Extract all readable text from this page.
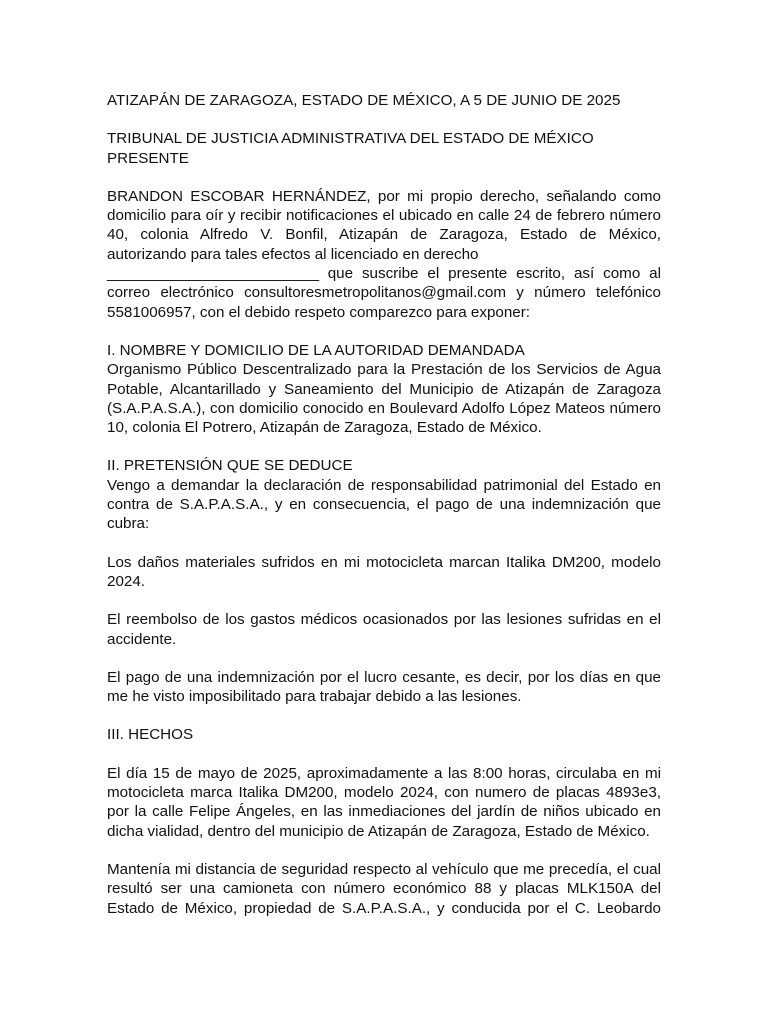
ATIZAPÁN DE ZARAGOZA, ESTADO DE MÉXICO, A 5 DE JUNIO DE 2025

TRIBUNAL DE JUSTICIA ADMINISTRATIVA DEL ESTADO DE MÉXICO

PRESENTE

BRANDON ESCOBAR HERNÁNDEZ, por mi propio derecho, señalando como domicilio para oír y recibir notificaciones el ubicado en calle 24 de febrero número 40, colonia Alfredo V. Bonfil, Atizapán de Zaragoza, Estado de México, autorizando para tales efectos al licenciado en derecho
__________________________ que suscribe el presente escrito, así como al correo electrónico consultoresmetropolitanos@gmail.com y número telefónico 5581006957, con el debido respeto comparezco para exponer:

I. NOMBRE Y DOMICILIO DE LA AUTORIDAD DEMANDADA

Organismo Público Descentralizado para la Prestación de los Servicios de Agua Potable, Alcantarillado y Saneamiento del Municipio de Atizapán de Zaragoza (S.A.P.A.S.A.), con domicilio conocido en Boulevard Adolfo López Mateos número 10, colonia El Potrero, Atizapán de Zaragoza, Estado de México.

II. PRETENSIÓN QUE SE DEDUCE

Vengo a demandar la declaración de responsabilidad patrimonial del Estado en contra de S.A.P.A.S.A., y en consecuencia, el pago de una indemnización que cubra:

Los daños materiales sufridos en mi motocicleta marcan Italika DM200, modelo 2024.

El reembolso de los gastos médicos ocasionados por las lesiones sufridas en el accidente.

El pago de una indemnización por el lucro cesante, es decir, por los días en que me he visto imposibilitado para trabajar debido a las lesiones.

III. HECHOS

El día 15 de mayo de 2025, aproximadamente a las 8:00 horas, circulaba en mi motocicleta marca Italika DM200, modelo 2024, con numero de placas 4893e3, por la calle Felipe Ángeles, en las inmediaciones del jardín de niños ubicado en dicha vialidad, dentro del municipio de Atizapán de Zaragoza, Estado de México.

Mantenía mi distancia de seguridad respecto al vehículo que me precedía, el cual resultó ser una camioneta con número económico 88 y placas MLK150A del Estado de México, propiedad de S.A.P.A.S.A., y conducida por el C. Leobardo
